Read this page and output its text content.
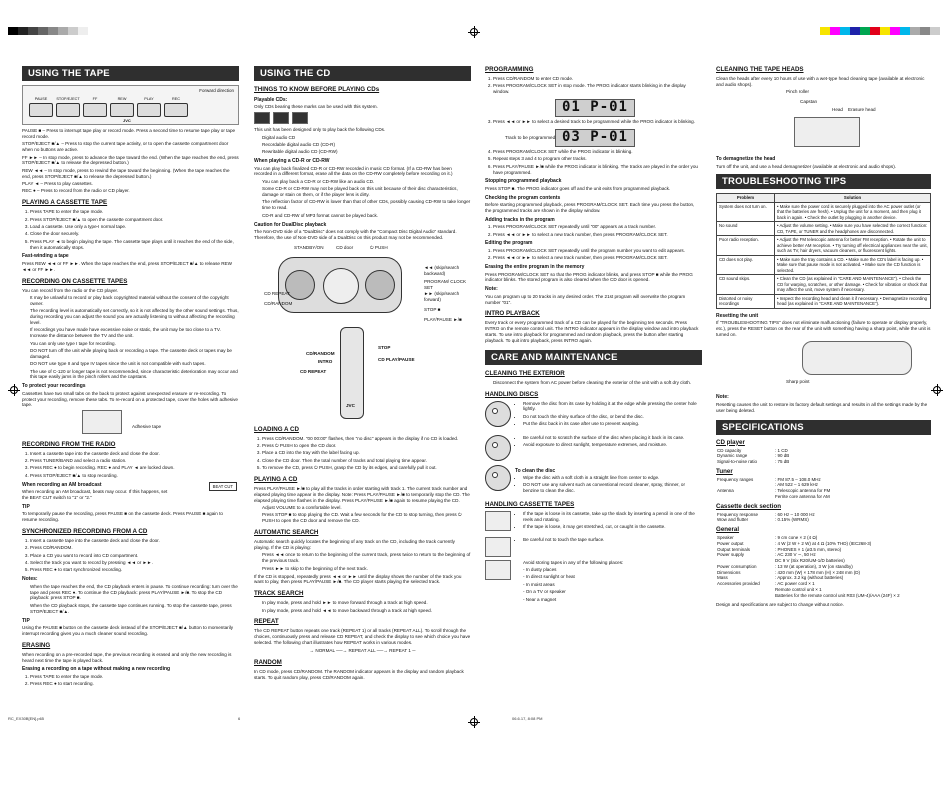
USING THE TAPE
Forward direction
PAUSE STOP/EJECT	FF	REW	PLAY	REC
JVC

PAUSE ■ – Press to interrupt tape play or record mode. Press a second time to resume tape play or tape record mode.

STOP/EJECT ■/▲ – Press to stop the current tape activity, or to open the cassette compartment door when no buttons are active.

FF ►► – In stop mode, press to advance the tape toward the end. (When the tape reaches the end, press STOP/EJECT ■/▲ to release the depressed button.)

REW ◄◄ – In stop mode, press to rewind the tape toward the beginning. (When the tape reaches the end, press STOP/EJECT ■/▲ to release the depressed button.)

PLAY ◄ – Press to play cassettes.

REC ● – Press to record from the radio or CD player.

PLAYING A CASSETTE TAPE
1. Press TAPE to enter the tape mode.
2. Press STOP/EJECT ■/▲ to open the cassette compartment door.
3. Load a cassette. Use only a type-I normal tape.
4. Close the door securely.
5. Press PLAY ◄ to begin playing the tape. The cassette tape plays until it reaches the end of the side, then it automatically stops.
Fast-winding a tape

Press REW ◄◄ or FF ►►. When the tape reaches the end, press STOP/EJECT ■/▲ to release REW ◄◄ or FF ►►.

RECORDING ON CASSETTE TAPES

You can record from the radio or the CD player.

• It may be unlawful to record or play back copyrighted material without the consent of the copyright owner.
• The recording level is automatically set correctly, so it is not affected by the other sound settings. Thus, during recording you can adjust the sound you are actually listening to without affecting the recording level.
• If recordings you have made have excessive noise or static, the unit may be too close to a TV. Increase the distance between the TV and the unit.
• You can only use type I tape for recording.
• DO NOT turn off the unit while playing back or recording a tape. The cassette deck or tapes may be damaged.
• DO NOT use type II and type IV tapes since the unit is not compatible with such tapes.
• The use of C-120 or longer tape is not recommended, since characteristic deterioration may occur and this tape easily jams in the pinch rollers and the capstans.
To protect your recordings

Cassettes have two small tabs on the back to protect against unexpected erasure or re-recording. To protect your recording, remove these tabs. To re-record on a protected tape, cover the holes with adhesive tape.

Adhesive tape
RECORDING FROM THE RADIO
1. Insert a cassette tape into the cassette deck and close the door.
2. Press TUNER/BAND and select a radio station.
3. Press REC ● to begin recording. REC ● and PLAY ◄ are locked down.
4. Press STOP/EJECT ■/▲ to stop recording.
When recording an AM broadcast

When recording an AM broadcast, beats may occur. If this happens, set the BEAT CUT switch to "1" or "2."

BEAT CUT
TIP

To temporarily pause the recording, press PAUSE ■ on the cassette deck. Press PAUSE ■ again to resume recording.

SYNCHRONIZED RECORDING FROM A CD
1. Insert a cassette tape into the cassette deck and close the door.
2. Press CD/RANDOM.
3. Place a CD you want to record into CD compartment.
4. Select the track you want to record by pressing ◄◄ or ►►.
5. Press REC ● to start synchronized recording.
Notes:
• When the tape reaches the end, the CD playback enters in pause. To continue recording: turn over the tape and press REC ●. To continue the CD playback: press PLAY/PAUSE ►/■. To stop the CD playback: press STOP ■.
• When the CD playback stops, the cassette tape continues running. To stop the cassette tape, press STOP/EJECT ■/▲.
TIP

Using the PAUSE ■ button on the cassette deck instead of the STOP/EJECT ■/▲ button to momentarily interrupt recording gives you a much cleaner sound recording.

ERASING

When recording on a pre-recorded tape, the previous recording is erased and only the new recording is heard next time the tape is played back.

Erasing a recording on a tape without making a new recording
1. Press TAPE to enter the tape mode.
2. Press REC ● to start recording.
USING THE CD
THINGS TO KNOW BEFORE PLAYING CDs
Playable CDs:

Only CDs bearing these marks can be used with this system.

This unit has been designed only to play back the following CDs.

• Digital audio CD
• Recordable digital audio CD (CD-R)
• Rewritable digital audio CD (CD-RW)
When playing a CD-R or CD-RW

You can play back finalized CD-R or CD-RW recorded in music CD format. (If a CD-RW has been recorded in a different format, erase all the data on the CD-RW completely before recording on it.)

• You can play back a CD-R or CD-RW like an audio CD.
• Some CD-R or CD-RW may not be played back on this unit because of their disc characteristics, damage or stain on them, or if the player lens is dirty.
• The reflection factor of CD-RW is lower than that of other CDs, possibly causing CD-RW to take longer time to read.
• CD-R and CD-RW of MP3 format cannot be played back.
Caution for DualDisc playback

The Non-DVD side of a "DualDisc" does not comply with the "Compact Disc Digital Audio" standard. Therefore, the use of Non-DVD side of a DualDisc on this product may not be recommended.

STANDBY/ON	CD door	⏻ PUSH
CD REPEAT
CD/RANDOM
◄◄ (skip/search backward)
PROGRAM/ CLOCK SET
►► (skip/search forward)
STOP ■
PLAY/PAUSE ►/■
CD/RANDOM
INTRO
CD REPEAT
STOP
CD PLAY/PAUSE
JVC
LOADING A CD
1. Press CD/RANDOM. "00 00:00" flashes, then "no disc" appears in the display if no CD is loaded.
2. Press ⏻ PUSH to open the CD door.
3. Place a CD into the tray with the label facing up.
4. Close the CD door. Then the total number of tracks and total playing time appear.
5. To remove the CD, press ⏻ PUSH, grasp the CD by its edges, and carefully pull it out.
PLAYING A CD

Press PLAY/PAUSE ►/■ to play all the tracks in order starting with track 1. The current track number and elapsed playing time appear in the display. Note: Press PLAY/PAUSE ►/■ to temporarily stop the CD. The elapsed playing time flashes in the display. Press PLAY/PAUSE ►/■ again to resume playing the CD.

• Adjust VOLUME to a comfortable level.
• Press STOP ■ to stop playing the CD. Wait a few seconds for the CD to stop turning, then press ⏻ PUSH to open the CD door and remove the CD.
AUTOMATIC SEARCH

Automatic search quickly locates the beginning of any track on the CD, including the track currently playing. If the CD is playing:

• Press ◄◄ once to return to the beginning of the current track, press twice to return to the beginning of the previous track.
• Press ►► to skip to the beginning of the next track.

If the CD is stopped, repeatedly press ◄◄ or ►► until the display shows the number of the track you want to play, then press PLAY/PAUSE ►/■. The CD player starts playing the selected track.

TRACK SEARCH
• In play mode, press and hold ►► to move forward through a track at high speed.
• In play mode, press and hold ◄◄ to move backward through a track at high speed.
REPEAT

The CD REPEAT button repeats one track (REPEAT 1) or all tracks (REPEAT ALL). To scroll through the choices, continuously press and release CD REPEAT, and check the display to see which choice you have selected. The following chart illustrates how REPEAT works in various modes.

→ NORMAL ──→ REPEAT ALL ──→ REPEAT 1 ─

RANDOM

In CD mode, press CD/RANDOM. The RANDOM indicator appears in the display and random playback starts. To quit random play, press CD/RANDOM again.

PROGRAMMING
1. Press CD/RANDOM to enter CD mode.
2. Press PROGRAM/CLOCK SET in stop mode. The PROG indicator starts blinking in the display window.
01 P-01
3. Press ◄◄ or ►► to select a desired track to be programmed while the PROG indicator is blinking.
Track to be programmed 03 P-01
4. Press PROGRAM/CLOCK SET while the PROG indicator is blinking.
5. Repeat steps 3 and 4 to program other tracks.
6. Press PLAY/PAUSE ►/■ while the PROG indicator is blinking. The tracks are played in the order you have programmed.
Stopping programmed playback

Press STOP ■. The PROG indicator goes off and the unit exits from programmed playback.

Checking the program contents

Before starting programmed playback, press PROGRAM/CLOCK SET. Each time you press the button, the programmed tracks are shown in the display window.

Adding tracks in the program
1. Press PROGRAM/CLOCK SET repeatedly until "00" appears as a track number.
2. Press ◄◄ or ►► to select a new track number, then press PROGRAM/CLOCK SET.
Editing the program
1. Press PROGRAM/CLOCK SET repeatedly until the program number you want to edit appears.
2. Press ◄◄ or ►► to select a new track number, then press PROGRAM/CLOCK SET.
Erasing the entire program in the memory

Press PROGRAM/CLOCK SET so that the PROG indicator blinks, and press STOP ■ while the PROG indicator blinks. The stored program is also cleared when the CD door is opened.

Note:

You can program up to 20 tracks in any desired order. The 21st program will overwrite the program number "01".

INTRO PLAYBACK

Every track or every programmed track of a CD can be played for the beginning ten seconds. Press INTRO on the remote control unit. The INTRO indicator appears in the display window and intro playback starts. To use intro playback for programmed and random playback, press the button after starting playback. To quit intro playback, press INTRO again.

CARE AND MAINTENANCE
CLEANING THE EXTERIOR
• Disconnect the system from AC power before cleaning the exterior of the unit with a soft dry cloth.
HANDLING DISCS
• Remove the disc from its case by holding it at the edge while pressing the center hole lightly.
• Do not touch the shiny surface of the disc, or bend the disc.
• Put the disc back in its case after use to prevent warping.
• Be careful not to scratch the surface of the disc when placing it back in its case.
• Avoid exposure to direct sunlight, temperature extremes, and moisture.
To clean the disc
• Wipe the disc with a soft cloth in a straight line from center to edge.
• DO NOT use any solvent such as conventional record cleaner, spray, thinner, or benzine to clean the disc.
HANDLING CASSETTE TAPES
• If the tape is loose in its cassette, take up the slack by inserting a pencil in one of the reels and rotating.
• If the tape is loose, it may get stretched, cut, or caught in the cassette.
• Be careful not to touch the tape surface.
Avoid storing tapes in any of the following places:
- In dusty places
- In direct sunlight or heat
- In moist areas
- On a TV or speaker
- Near a magnet
CLEANING THE TAPE HEADS

Clean the heads after every 10 hours of use with a wet-type head cleaning tape (available at electronic and audio shops).

Pinch roller
Capstan
Head Erasure head
To demagnetize the head

Turn off the unit, and use a head demagnetizer (available at electronic and audio shops).

TROUBLESHOOTING TIPS
Problem	Solution
System does not turn on.	• Make sure the power cord is securely plugged into the AC power outlet (or that the batteries are fresh). • Unplug the unit for a moment, and then plug it back in again. • Check the outlet by plugging in another device.
No sound	• Adjust the volume setting. • Make sure you have selected the correct function: CD, TAPE, or TUNER and the headphones are disconnected.
Poor radio reception.	• Adjust the FM telescopic antenna for better FM reception. • Rotate the unit to achieve better AM reception. • Try turning off electrical appliances near the unit, such as TV, hair dryers, vacuum cleaners, or fluorescent lights.
CD does not play.	• Make sure the tray contains a CD. • Make sure the CD's label is facing up. • Make sure that pause mode is not activated. • Make sure the CD function is selected.
CD sound skips.	• Clean the CD (as explained in "CARE AND MAINTENANCE"). • Check the CD for warping, scratches, or other damage. • Check for vibration or shock that may affect the unit, move system if necessary.
Distorted or noisy recordings	• Inspect the recording head and clean it if necessary. • Demagnetize recording head (as explained in "CARE AND MAINTENANCE").
Resetting the unit

If "TROUBLESHOOTING TIPS" does not eliminate malfunctioning (failure to operate or display properly, etc.), press the RESET button on the rear of the unit with something having a sharp point, while the unit is turned on.

Sharp point
Note:

Resetting causes the unit to restore its factory default settings and results in all the settings made by the user being deleted.

SPECIFICATIONS
CD player
CD capacity	: 1 CD
Dynamic range	: 90 dB
Signal-to-noise ratio	: 75 dB
Tuner
Frequency ranges	: FM 87.5 – 108.0 MHz
	: AM 522 – 1 629 kHz
Antenna	: Telescopic antenna for FM
	Ferrite core antenna for AM
Cassette deck section
Frequency response	: 60 Hz – 10 000 Hz
Wow and flutter	: 0.15% (WRMS)
General
Speaker	: 9 cm cone × 2 (4 Ω)
Power output	: 4 W (2 W + 2 W) at 4 Ω (10% THD) (IEC268-3)
Output terminals	: PHONES × 1 (ø3.5 mm, stereo)
Power supply	: AC 230 V ∼, 50 Hz
	DC 9 V (Six R20/UM-1/D batteries)
Power consumption	: 13 W (at operation), 3 W (on standby)
Dimensions	: 420 mm (W) × 178 mm (H) × 248 mm (D)
Mass	: Approx. 3.2 kg (without batteries)
Accessories provided	: AC power cord × 1
	Remote control unit × 1
	Batteries for the remote control unit R03 (UM-4)/AAA (24F) × 2

Design and specifications are subject to change without notice.

RC_EX30B[EN].p65	6	06.6.17, 8:08 PM
